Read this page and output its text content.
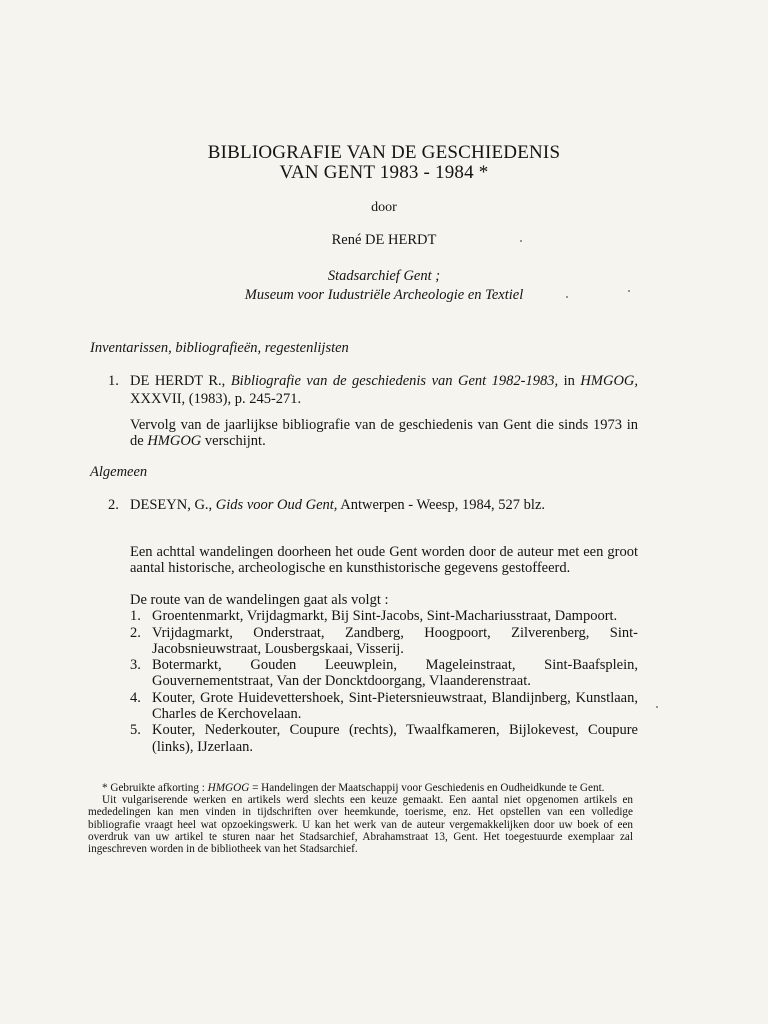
BIBLIOGRAFIE VAN DE GESCHIEDENIS
VAN GENT 1983 - 1984 *
door
René DE HERDT
Stadsarchief Gent ;
Museum voor Iudustriële Archeologie en Textiel
Inventarissen, bibliografieën, regestenlijsten
1. DE HERDT R., Bibliografie van de geschiedenis van Gent 1982-1983, in HMGOG, XXXVII, (1983), p. 245-271.
Vervolg van de jaarlijkse bibliografie van de geschiedenis van Gent die sinds 1973 in de HMGOG verschijnt.
Algemeen
2. DESEYN, G., Gids voor Oud Gent, Antwerpen - Weesp, 1984, 527 blz.
Een achttal wandelingen doorheen het oude Gent worden door de auteur met een groot aantal historische, archeologische en kunsthistorische gegevens gestoffeerd.
De route van de wandelingen gaat als volgt :
1. Groentenmarkt, Vrijdagmarkt, Bij Sint-Jacobs, Sint-Machariusstraat, Dampoort.
2. Vrijdagmarkt, Onderstraat, Zandberg, Hoogpoort, Zilverenberg, Sint-Jacobsnieuwstraat, Lousbergskaai, Visserij.
3. Botermarkt, Gouden Leeuwplein, Mageleinstraat, Sint-Baafsplein, Gouvernementstraat, Van der Doncktdoorgang, Vlaanderenstraat.
4. Kouter, Grote Huidevettershoek, Sint-Pietersnieuwstraat, Blandijnberg, Kunstlaan, Charles de Kerchovelaan.
5. Kouter, Nederkouter, Coupure (rechts), Twaalfkameren, Bijlokevest, Coupure (links), IJzerlaan.

* Gebruikte afkorting : HMGOG = Handelingen der Maatschappij voor Geschiedenis en Oudheidkunde te Gent.

Uit vulgariserende werken en artikels werd slechts een keuze gemaakt. Een aantal niet opgenomen artikels en mededelingen kan men vinden in tijdschriften over heemkunde, toerisme, enz. Het opstellen van een volledige bibliografie vraagt heel wat opzoekingswerk. U kan het werk van de auteur vergemakkelijken door uw boek of een overdruk van uw artikel te sturen naar het Stadsarchief, Abrahamstraat 13, Gent. Het toegestuurde exemplaar zal ingeschreven worden in de bibliotheek van het Stadsarchief.
